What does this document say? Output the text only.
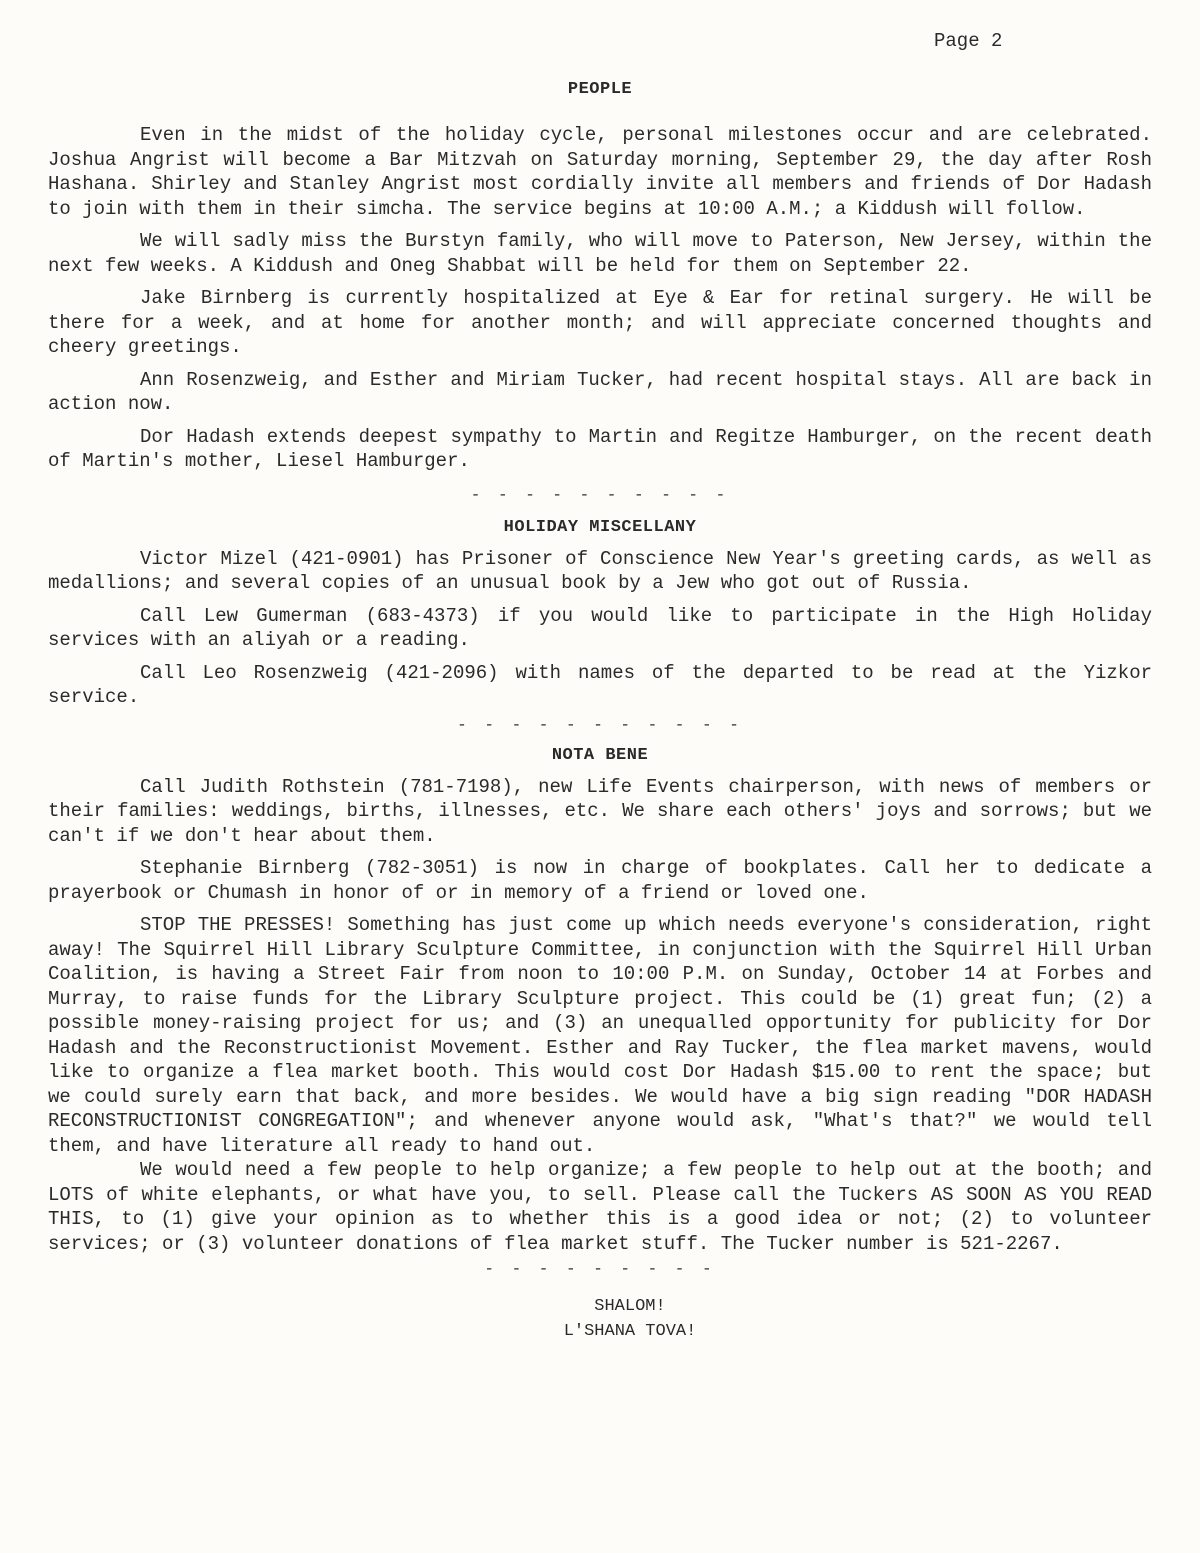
Page 2
PEOPLE

Even in the midst of the holiday cycle, personal milestones occur and are celebrated. Joshua Angrist will become a Bar Mitzvah on Saturday morning, September 29, the day after Rosh Hashana. Shirley and Stanley Angrist most cordially invite all members and friends of Dor Hadash to join with them in their simcha. The service begins at 10:00 A.M.; a Kiddush will follow.

We will sadly miss the Burstyn family, who will move to Paterson, New Jersey, within the next few weeks. A Kiddush and Oneg Shabbat will be held for them on September 22.

Jake Birnberg is currently hospitalized at Eye & Ear for retinal surgery. He will be there for a week, and at home for another month; and will appreciate concerned thoughts and cheery greetings.

Ann Rosenzweig, and Esther and Miriam Tucker, had recent hospital stays. All are back in action now.

Dor Hadash extends deepest sympathy to Martin and Regitze Hamburger, on the recent death of Martin's mother, Liesel Hamburger.

- - - - - - - - - -

HOLIDAY MISCELLANY

Victor Mizel (421-0901) has Prisoner of Conscience New Year's greeting cards, as well as medallions; and several copies of an unusual book by a Jew who got out of Russia.

Call Lew Gumerman (683-4373) if you would like to participate in the High Holiday services with an aliyah or a reading.

Call Leo Rosenzweig (421-2096) with names of the departed to be read at the Yizkor service.

- - - - - - - - - - -

NOTA BENE

Call Judith Rothstein (781-7198), new Life Events chairperson, with news of members or their families: weddings, births, illnesses, etc. We share each others' joys and sorrows; but we can't if we don't hear about them.

Stephanie Birnberg (782-3051) is now in charge of bookplates. Call her to dedicate a prayerbook or Chumash in honor of or in memory of a friend or loved one.

STOP THE PRESSES! Something has just come up which needs everyone's consideration, right away! The Squirrel Hill Library Sculpture Committee, in conjunction with the Squirrel Hill Urban Coalition, is having a Street Fair from noon to 10:00 P.M. on Sunday, October 14 at Forbes and Murray, to raise funds for the Library Sculpture project. This could be (1) great fun; (2) a possible money-raising project for us; and (3) an unequalled opportunity for publicity for Dor Hadash and the Reconstructionist Movement. Esther and Ray Tucker, the flea market mavens, would like to organize a flea market booth. This would cost Dor Hadash $15.00 to rent the space; but we could surely earn that back, and more besides. We would have a big sign reading "DOR HADASH RECONSTRUCTIONIST CONGREGATION"; and whenever anyone would ask, "What's that?" we would tell them, and have literature all ready to hand out.

We would need a few people to help organize; a few people to help out at the booth; and LOTS of white elephants, or what have you, to sell. Please call the Tuckers AS SOON AS YOU READ THIS, to (1) give your opinion as to whether this is a good idea or not; (2) to volunteer services; or (3) volunteer donations of flea market stuff. The Tucker number is 521-2267.

- - - - - - - - -

SHALOM!

L'SHANA TOVA!
